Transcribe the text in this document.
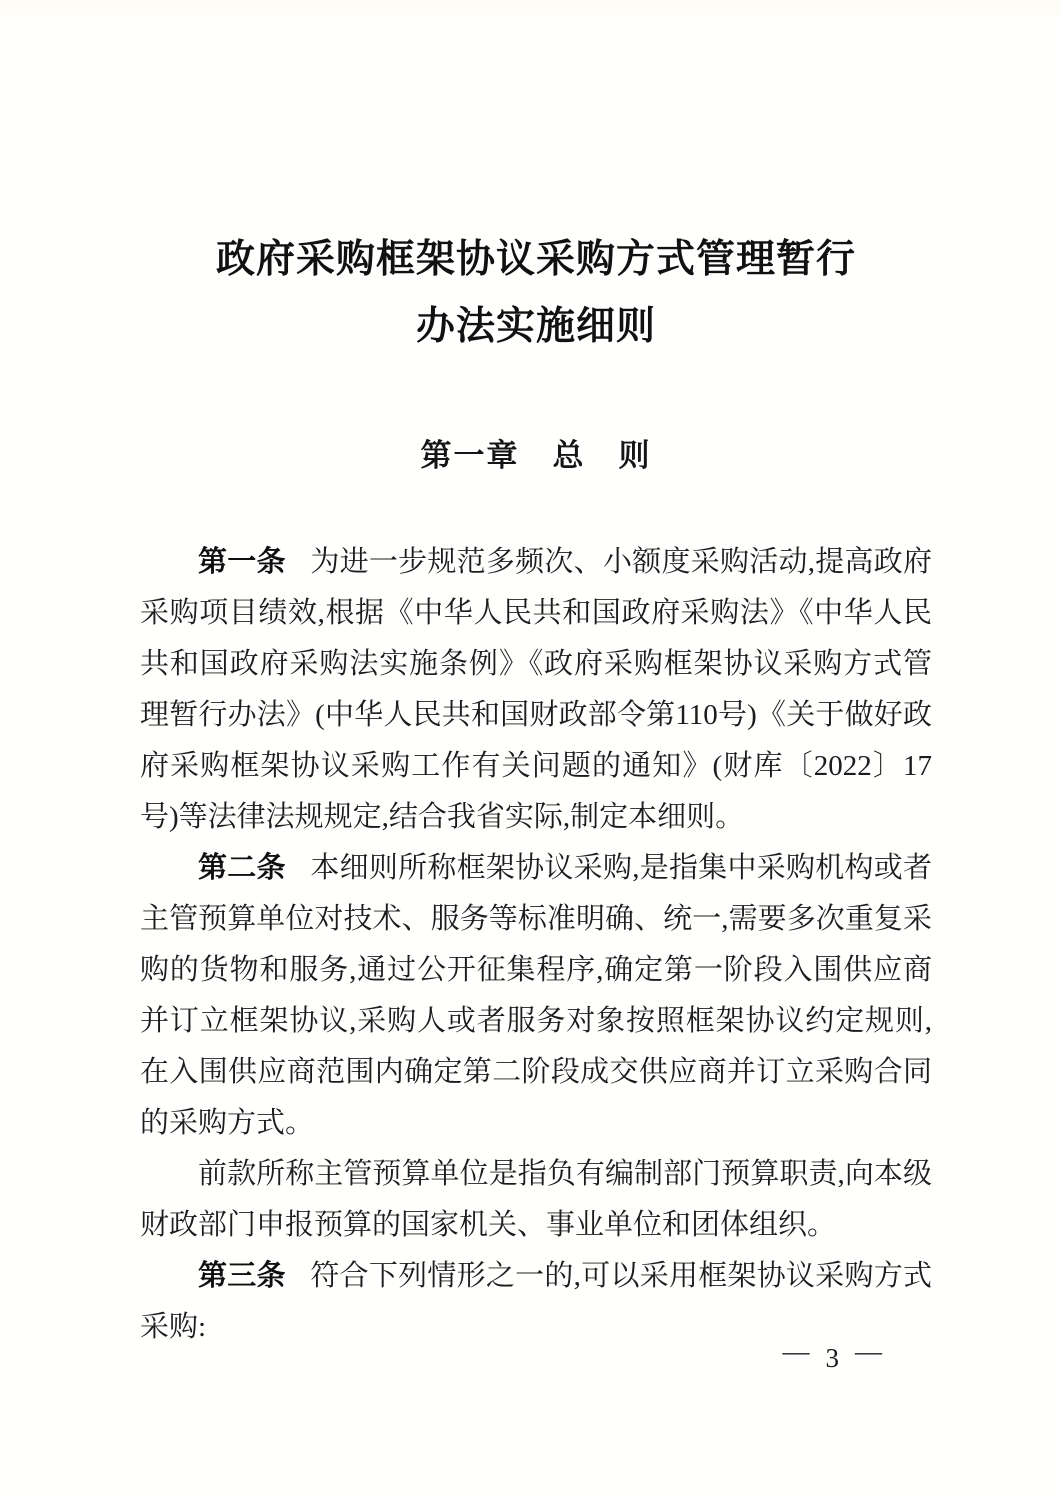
政府采购框架协议采购方式管理暂行
办法实施细则
第一章　总　则

第一条 为进一步规范多频次、小额度采购活动,提高政府采购项目绩效,根据《中华人民共和国政府采购法》《中华人民共和国政府采购法实施条例》《政府采购框架协议采购方式管理暂行办法》(中华人民共和国财政部令第110号)《关于做好政府采购框架协议采购工作有关问题的通知》(财库〔2022〕17号)等法律法规规定,结合我省实际,制定本细则。

第二条 本细则所称框架协议采购,是指集中采购机构或者主管预算单位对技术、服务等标准明确、统一,需要多次重复采购的货物和服务,通过公开征集程序,确定第一阶段入围供应商并订立框架协议,采购人或者服务对象按照框架协议约定规则,在入围供应商范围内确定第二阶段成交供应商并订立采购合同的采购方式。

前款所称主管预算单位是指负有编制部门预算职责,向本级财政部门申报预算的国家机关、事业单位和团体组织。

第三条 符合下列情形之一的,可以采用框架协议采购方式采购:

— 3 —
